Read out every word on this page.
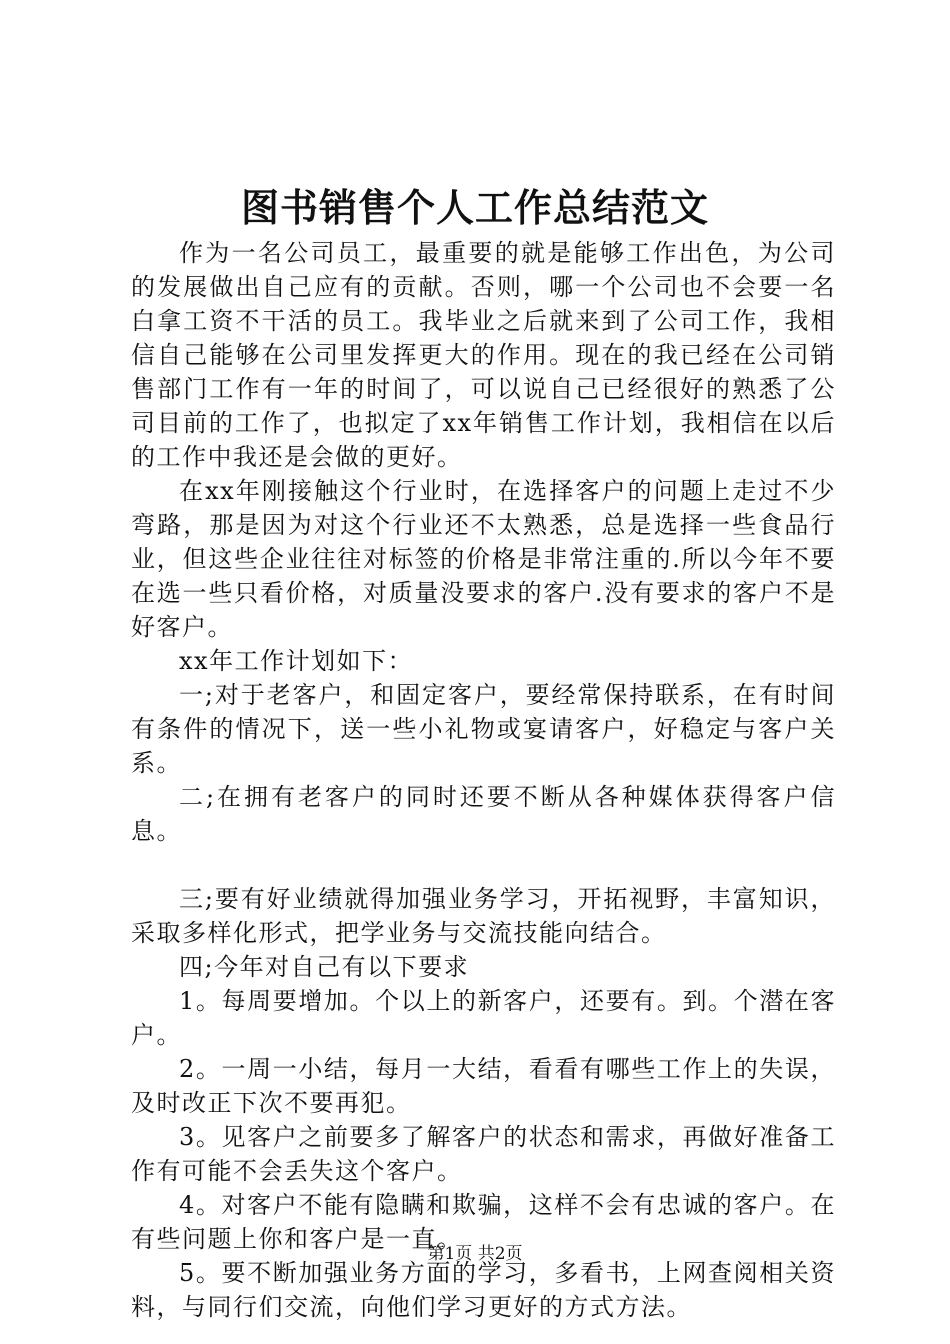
图书销售个人工作总结范文

作为一名公司员工，最重要的就是能够工作出色，为公司的发展做出自己应有的贡献。否则，哪一个公司也不会要一名白拿工资不干活的员工。我毕业之后就来到了公司工作，我相信自己能够在公司里发挥更大的作用。现在的我已经在公司销售部门工作有一年的时间了，可以说自己已经很好的熟悉了公司目前的工作了，也拟定了xx年销售工作计划，我相信在以后的工作中我还是会做的更好。

在xx年刚接触这个行业时，在选择客户的问题上走过不少弯路，那是因为对这个行业还不太熟悉，总是选择一些食品行业，但这些企业往往对标签的价格是非常注重的.所以今年不要在选一些只看价格，对质量没要求的客户.没有要求的客户不是好客户。

xx年工作计划如下：

一;对于老客户，和固定客户，要经常保持联系，在有时间有条件的情况下，送一些小礼物或宴请客户，好稳定与客户关系。

二;在拥有老客户的同时还要不断从各种媒体获得客户信息。

三;要有好业绩就得加强业务学习，开拓视野，丰富知识，采取多样化形式，把学业务与交流技能向结合。

四;今年对自己有以下要求

1。每周要增加。个以上的新客户，还要有。到。个潜在客户。

2。一周一小结，每月一大结，看看有哪些工作上的失误，及时改正下次不要再犯。

3。见客户之前要多了解客户的状态和需求，再做好准备工作有可能不会丢失这个客户。

4。对客户不能有隐瞒和欺骗，这样不会有忠诚的客户。在有些问题上你和客户是一直。

5。要不断加强业务方面的学习，多看书，上网查阅相关资料，与同行们交流，向他们学习更好的方式方法。

第1页 共2页
